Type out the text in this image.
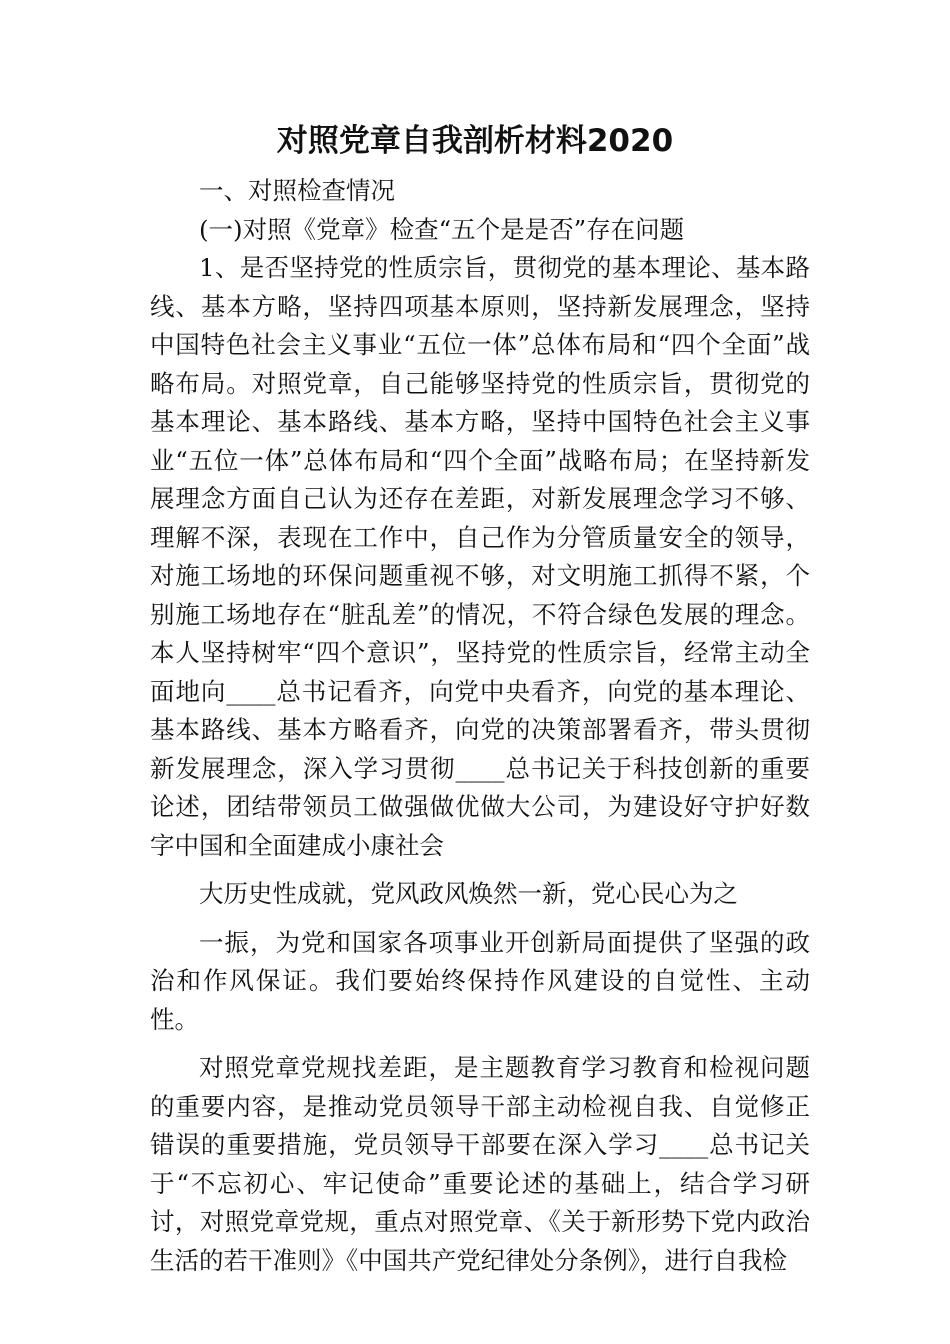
对照党章自我剖析材料2020

一、对照检查情况

(一)对照《党章》检查“五个是是否”存在问题

1、是否坚持党的性质宗旨，贯彻党的基本理论、基本路线、基本方略，坚持四项基本原则，坚持新发展理念，坚持中国特色社会主义事业“五位一体”总体布局和“四个全面”战略布局。对照党章，自己能够坚持党的性质宗旨，贯彻党的基本理论、基本路线、基本方略，坚持中国特色社会主义事业“五位一体”总体布局和“四个全面”战略布局；在坚持新发展理念方面自己认为还存在差距，对新发展理念学习不够、理解不深，表现在工作中，自己作为分管质量安全的领导，对施工场地的环保问题重视不够，对文明施工抓得不紧，个别施工场地存在“脏乱差”的情况，不符合绿色发展的理念。本人坚持树牢“四个意识”，坚持党的性质宗旨，经常主动全面地向____总书记看齐，向党中央看齐，向党的基本理论、基本路线、基本方略看齐，向党的决策部署看齐，带头贯彻新发展理念，深入学习贯彻____总书记关于科技创新的重要论述，团结带领员工做强做优做大公司，为建设好守护好数字中国和全面建成小康社会

大历史性成就，党风政风焕然一新，党心民心为之

一振，为党和国家各项事业开创新局面提供了坚强的政治和作风保证。我们要始终保持作风建设的自觉性、主动性。

对照党章党规找差距，是主题教育学习教育和检视问题的重要内容，是推动党员领导干部主动检视自我、自觉修正错误的重要措施，党员领导干部要在深入学习____总书记关于“不忘初心、牢记使命”重要论述的基础上，结合学习研讨，对照党章党规，重点对照党章、《关于新形势下党内政治生活的若干准则》《中国共产党纪律处分条例》，进行自我检
